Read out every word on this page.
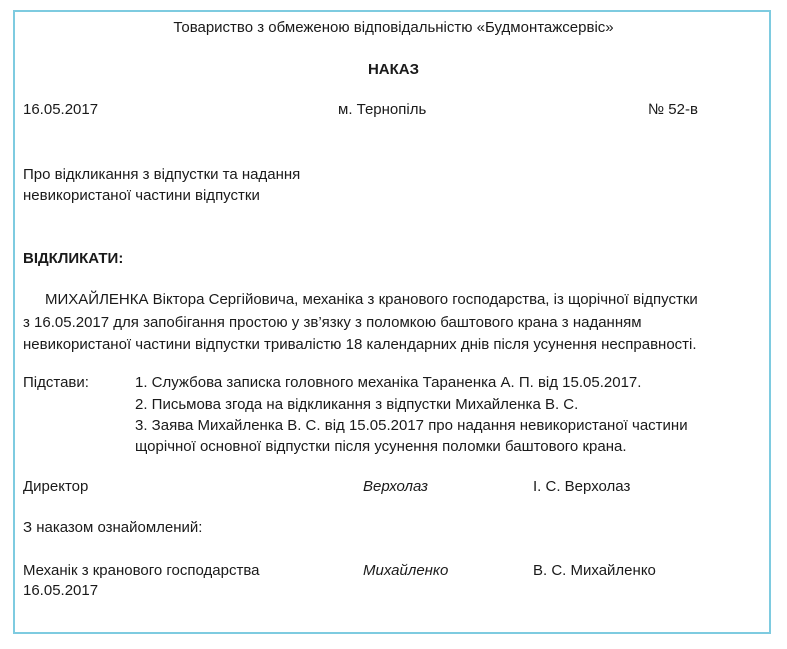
Товариство з обмеженою відповідальністю «Будмонтажсервіс»
НАКАЗ
16.05.2017	м. Тернопіль	№ 52-в
Про відкликання з відпустки та надання
невикористаної частини відпустки
ВІДКЛИКАТИ:
МИХАЙЛЕНКА Віктора Сергійовича, механіка з кранового господарства, із щорічної відпустки
з 16.05.2017 для запобігання простою у зв’язку з поломкою баштового крана з наданням
невикористаної частини відпустки тривалістю 18 календарних днів після усунення несправності.
Підстави:	1. Службова записка головного механіка Тараненка А. П. від 15.05.2017.
2. Письмова згода на відкликання з відпустки Михайленка В. С.
3. Заява Михайленка В. С. від 15.05.2017 про надання невикористаної частини
щорічної основної відпустки після усунення поломки баштового крана.
Директор	Верхолаз	І. С. Верхолаз
З наказом ознайомлений:
Механік з кранового господарства	Михайленко	В. С. Михайленко
16.05.2017
